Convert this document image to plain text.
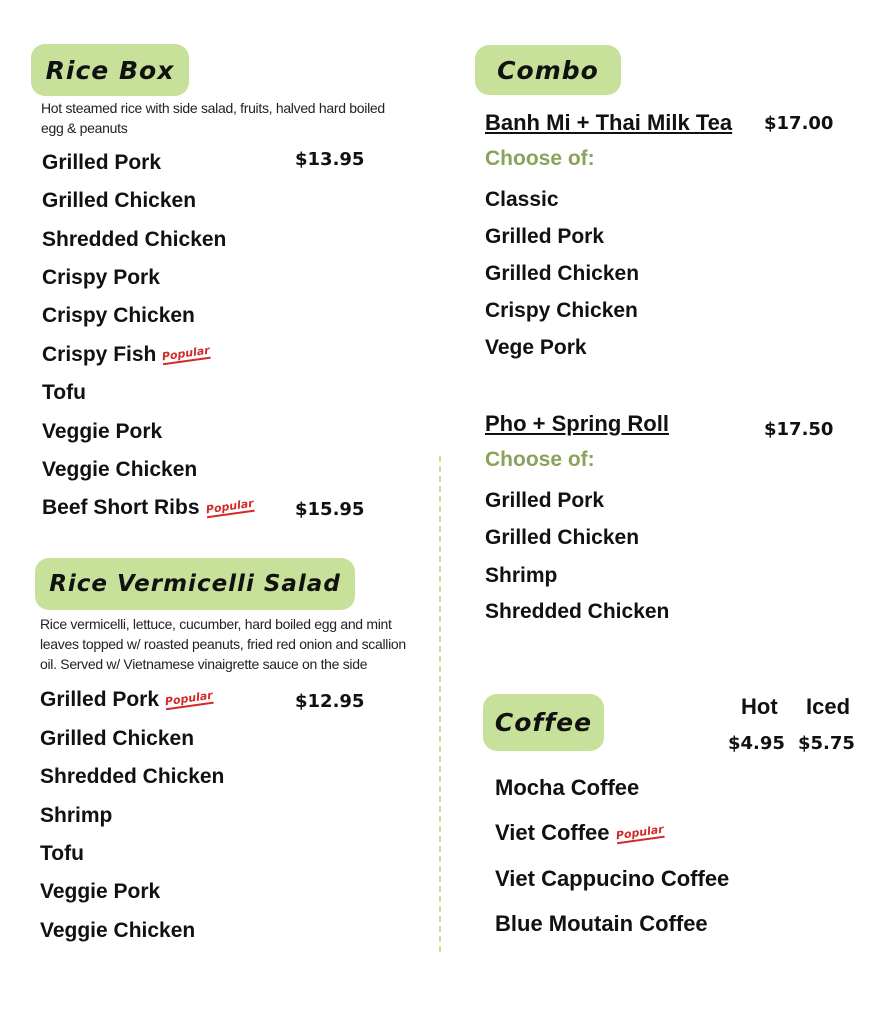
Rice Box
Hot steamed rice with side salad, fruits, halved hard boiled egg & peanuts
Grilled Pork	$13.95
Grilled Chicken
Shredded Chicken
Crispy Pork
Crispy Chicken
Crispy Fish Popular
Tofu
Veggie Pork
Veggie Chicken
Beef Short Ribs Popular $15.95
Rice Vermicelli Salad
Rice vermicelli, lettuce, cucumber, hard boiled egg and mint leaves topped w/ roasted peanuts, fried red onion and scallion oil. Served w/ Vietnamese vinaigrette sauce on the side
Grilled Pork Popular	$12.95
Grilled Chicken
Shredded Chicken
Shrimp
Tofu
Veggie Pork
Veggie Chicken
Combo
Banh Mi + Thai Milk Tea $17.00
Choose of:
Classic
Grilled Pork
Grilled Chicken
Crispy Chicken
Vege Pork
Pho + Spring Roll	$17.50
Choose of:
Grilled Pork
Grilled Chicken
Shrimp
Shredded Chicken
Coffee
Hot Iced
$4.95 $5.75
Mocha Coffee
Viet Coffee Popular
Viet Cappucino Coffee
Blue Moutain Coffee
